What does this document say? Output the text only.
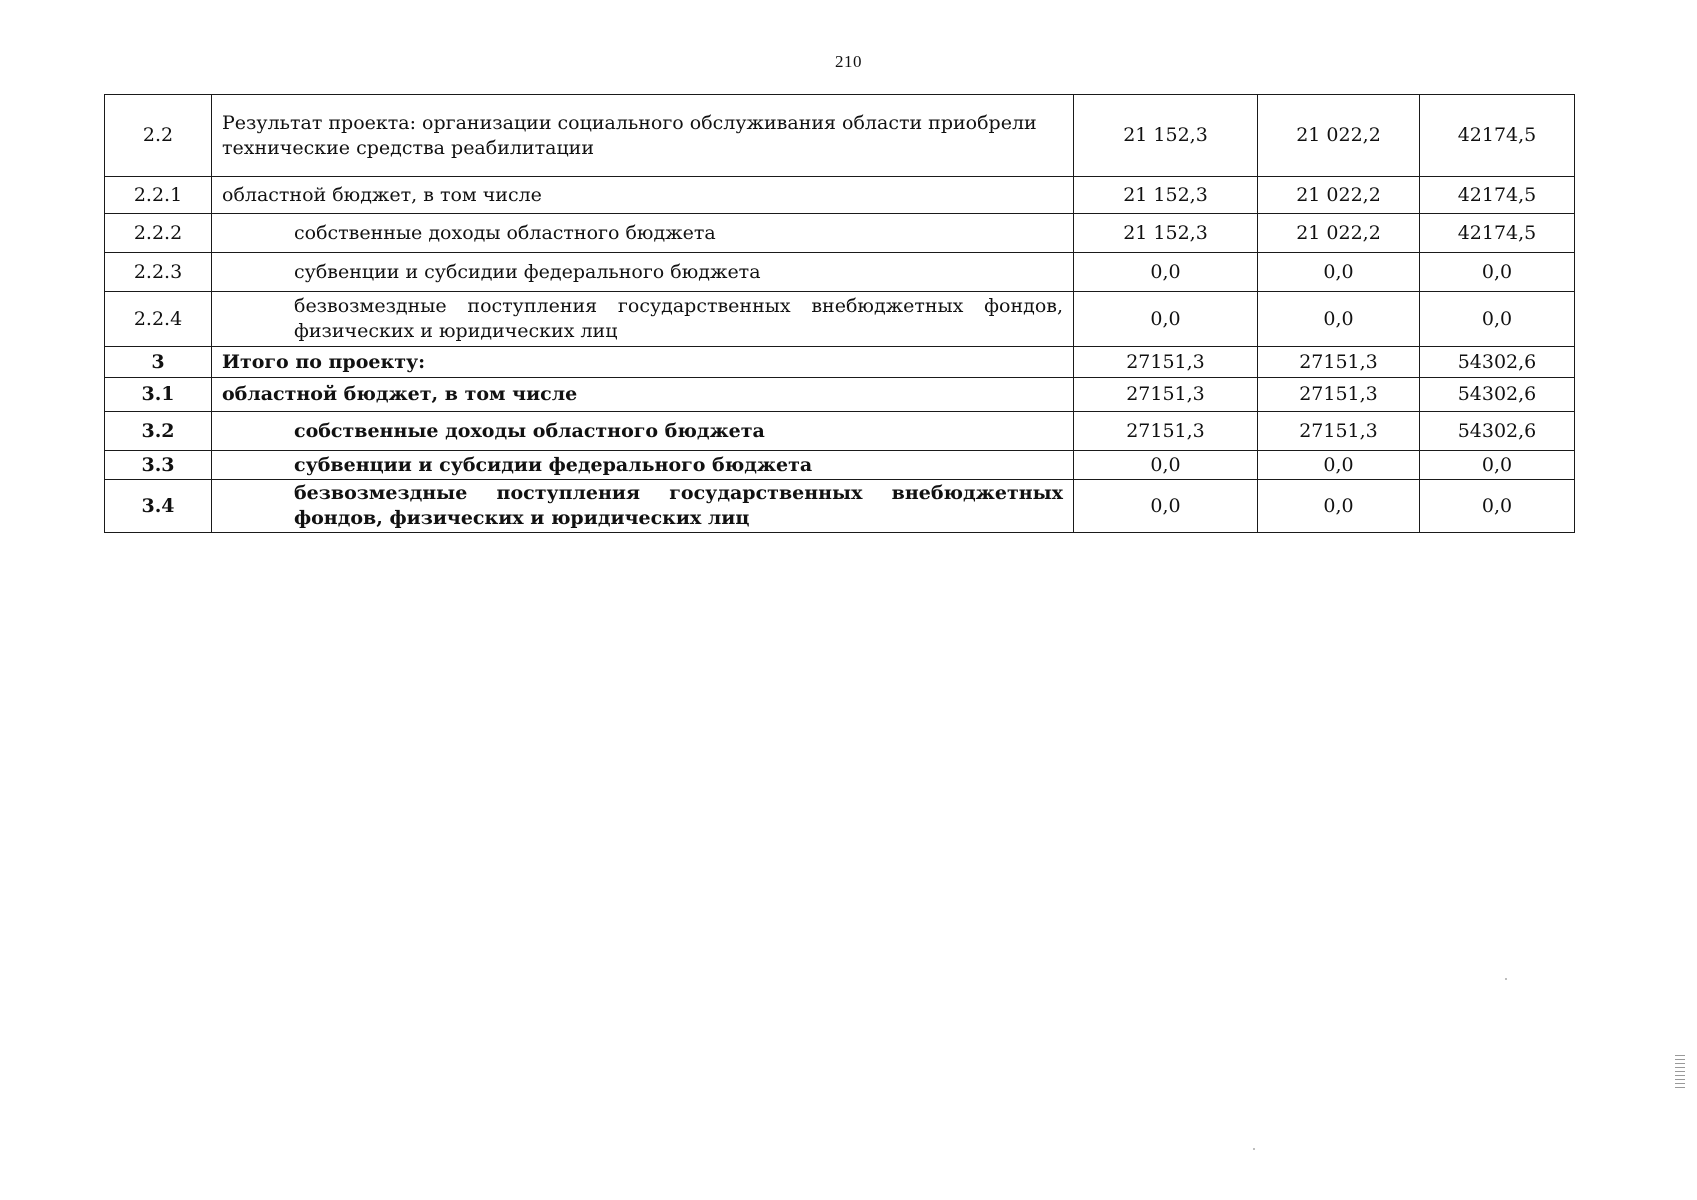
210
2.2	Результат проекта: организации социального обслуживания области приобрели технические средства реабилитации	21 152,3	21 022,2	42174,5
2.2.1	областной бюджет, в том числе	21 152,3	21 022,2	42174,5
2.2.2	собственные доходы областного бюджета	21 152,3	21 022,2	42174,5
2.2.3	субвенции и субсидии федерального бюджета	0,0	0,0	0,0
2.2.4	безвозмездные поступления государственных внебюджетных фондов, физических и юридических лиц	0,0	0,0	0,0
3	Итого по проекту:	27151,3	27151,3	54302,6
3.1	областной бюджет, в том числе	27151,3	27151,3	54302,6
3.2	собственные доходы областного бюджета	27151,3	27151,3	54302,6
3.3	субвенции и субсидии федерального бюджета	0,0	0,0	0,0
3.4	безвозмездные поступления государственных внебюджетных фондов, физических и юридических лиц	0,0	0,0	0,0
